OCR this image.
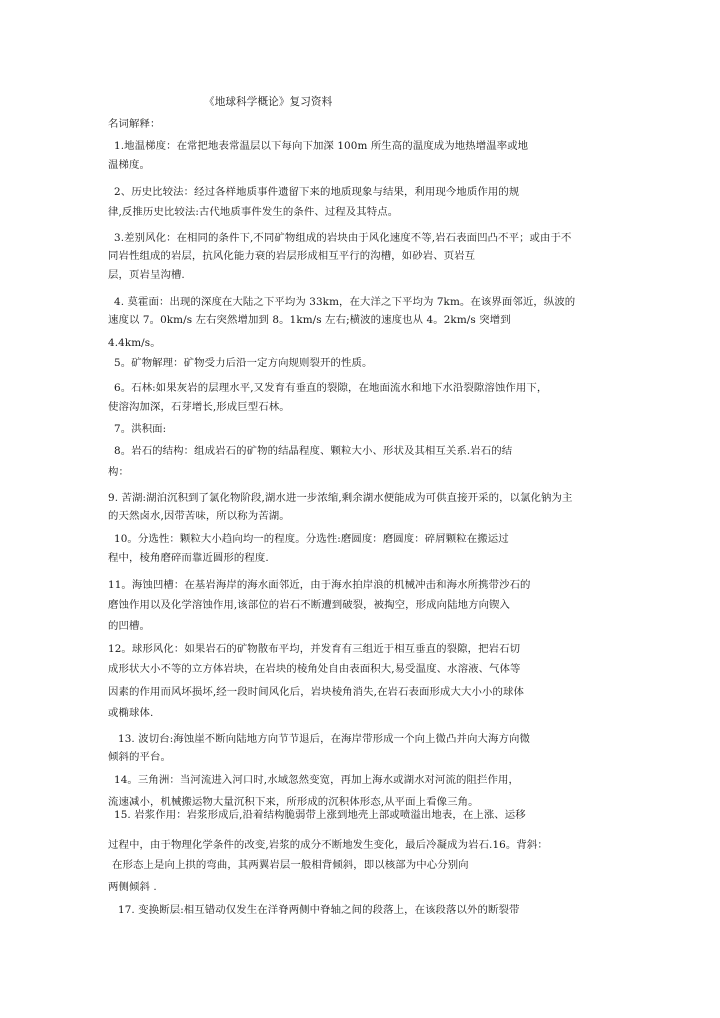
《地球科学概论》复习资料
名词解释：
1.地温梯度：在常把地表常温层以下每向下加深 100m 所生高的温度成为地热增温率或地
温梯度。
2、历史比较法：经过各样地质事件遗留下来的地质现象与结果，利用现今地质作用的规
律,反推历史比较法:古代地质事件发生的条件、过程及其特点。
3.差别风化：在相同的条件下,不同矿物组成的岩块由于风化速度不等,岩石表面凹凸不平；或由于不
同岩性组成的岩层，抗风化能力衰的岩层形成相互平行的沟槽，如砂岩、页岩互
层，页岩呈沟槽.
4. 莫霍面：出现的深度在大陆之下平均为 33km，在大洋之下平均为 7km。在该界面邻近，纵波的
速度以 7。0km/s 左右突然增加到 8。1km/s 左右;横波的速度也从 4。2km/s 突增到
4.4km/s。
5。矿物解理：矿物受力后沿一定方向规则裂开的性质。
6。石林:如果灰岩的层理水平,又发育有垂直的裂隙，在地面流水和地下水沿裂隙溶蚀作用下，
使溶沟加深，石芽增长,形成巨型石林。
7。洪积面:
8。岩石的结构：组成岩石的矿物的结晶程度、颗粒大小、形状及其相互关系.岩石的结
构：
9. 苦湖:湖泊沉积到了氯化物阶段,湖水进一步浓缩,剩余湖水便能成为可供直接开采的，以氯化钠为主
的天然卤水,因带苦味，所以称为苦湖。
10。分选性：颗粒大小趋向均一的程度。分选性:磨圆度：磨圆度：碎屑颗粒在搬运过
程中，棱角磨碎而靠近圆形的程度.
11。海蚀凹槽：在基岩海岸的海水面邻近，由于海水拍岸浪的机械冲击和海水所携带沙石的
磨蚀作用以及化学溶蚀作用,该部位的岩石不断遭到破裂，被掏空，形成向陆地方向锲入
的凹槽。
12。球形风化：如果岩石的矿物散布平均，并发育有三组近于相互垂直的裂隙，把岩石切
成形状大小不等的立方体岩块，在岩块的棱角处自由表面积大,易受温度、水溶液、气体等
因素的作用而风坏损坏,经一段时间风化后，岩块棱角消失,在岩石表面形成大大小小的球体
或椭球体.
13. 波切台:海蚀崖不断向陆地方向节节退后，在海岸带形成一个向上微凸并向大海方向微
倾斜的平台。
14。三角洲：当河流进入河口时,水域忽然变宽，再加上海水或湖水对河流的阻拦作用，
流速减小，机械搬运物大量沉积下来，所形成的沉积体形态,从平面上看像三角。
15. 岩浆作用：岩浆形成后,沿着结构脆弱带上涨到地壳上部或喷溢出地表，在上涨、运移
过程中，由于物理化学条件的改变,岩浆的成分不断地发生变化，最后冷凝成为岩石.16。背斜：
在形态上是向上拱的弯曲，其两翼岩层一般相背倾斜，即以核部为中心分别向
两侧倾斜 .
17. 变换断层:相互错动仅发生在洋脊两侧中脊轴之间的段落上，在该段落以外的断裂带
